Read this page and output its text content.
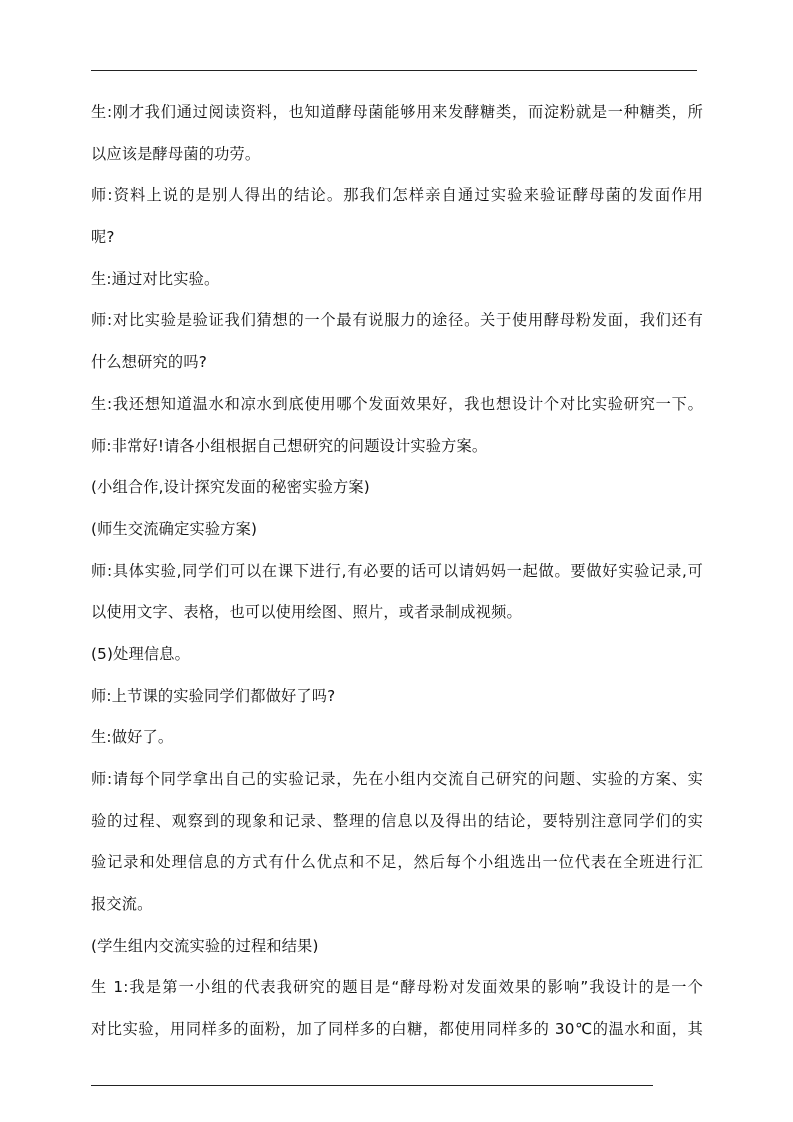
生:刚才我们通过阅读资料，也知道酵母菌能够用来发酵糖类，而淀粉就是一种糖类，所
以应该是酵母菌的功劳。
师:资料上说的是别人得出的结论。那我们怎样亲自通过实验来验证酵母菌的发面作用
呢?
生:通过对比实验。
师:对比实验是验证我们猜想的一个最有说服力的途径。关于使用酵母粉发面，我们还有
什么想研究的吗?
生:我还想知道温水和凉水到底使用哪个发面效果好，我也想设计个对比实验研究一下。
师:非常好!请各小组根据自己想研究的问题设计实验方案。
(小组合作,设计探究发面的秘密实验方案)
(师生交流确定实验方案)
师:具体实验,同学们可以在课下进行,有必要的话可以请妈妈一起做。要做好实验记录,可
以使用文字、表格，也可以使用绘图、照片，或者录制成视频。
(5)处理信息。
师:上节课的实验同学们都做好了吗?
生:做好了。
师:请每个同学拿出自己的实验记录，先在小组内交流自己研究的问题、实验的方案、实
验的过程、观察到的现象和记录、整理的信息以及得出的结论，要特别注意同学们的实
验记录和处理信息的方式有什么优点和不足，然后每个小组选出一位代表在全班进行汇
报交流。
(学生组内交流实验的过程和结果)
生 1:我是第一小组的代表我研究的题目是“酵母粉对发面效果的影响”我设计的是一个
对比实验，用同样多的面粉，加了同样多的白糖，都使用同样多的 30℃的温水和面，其
